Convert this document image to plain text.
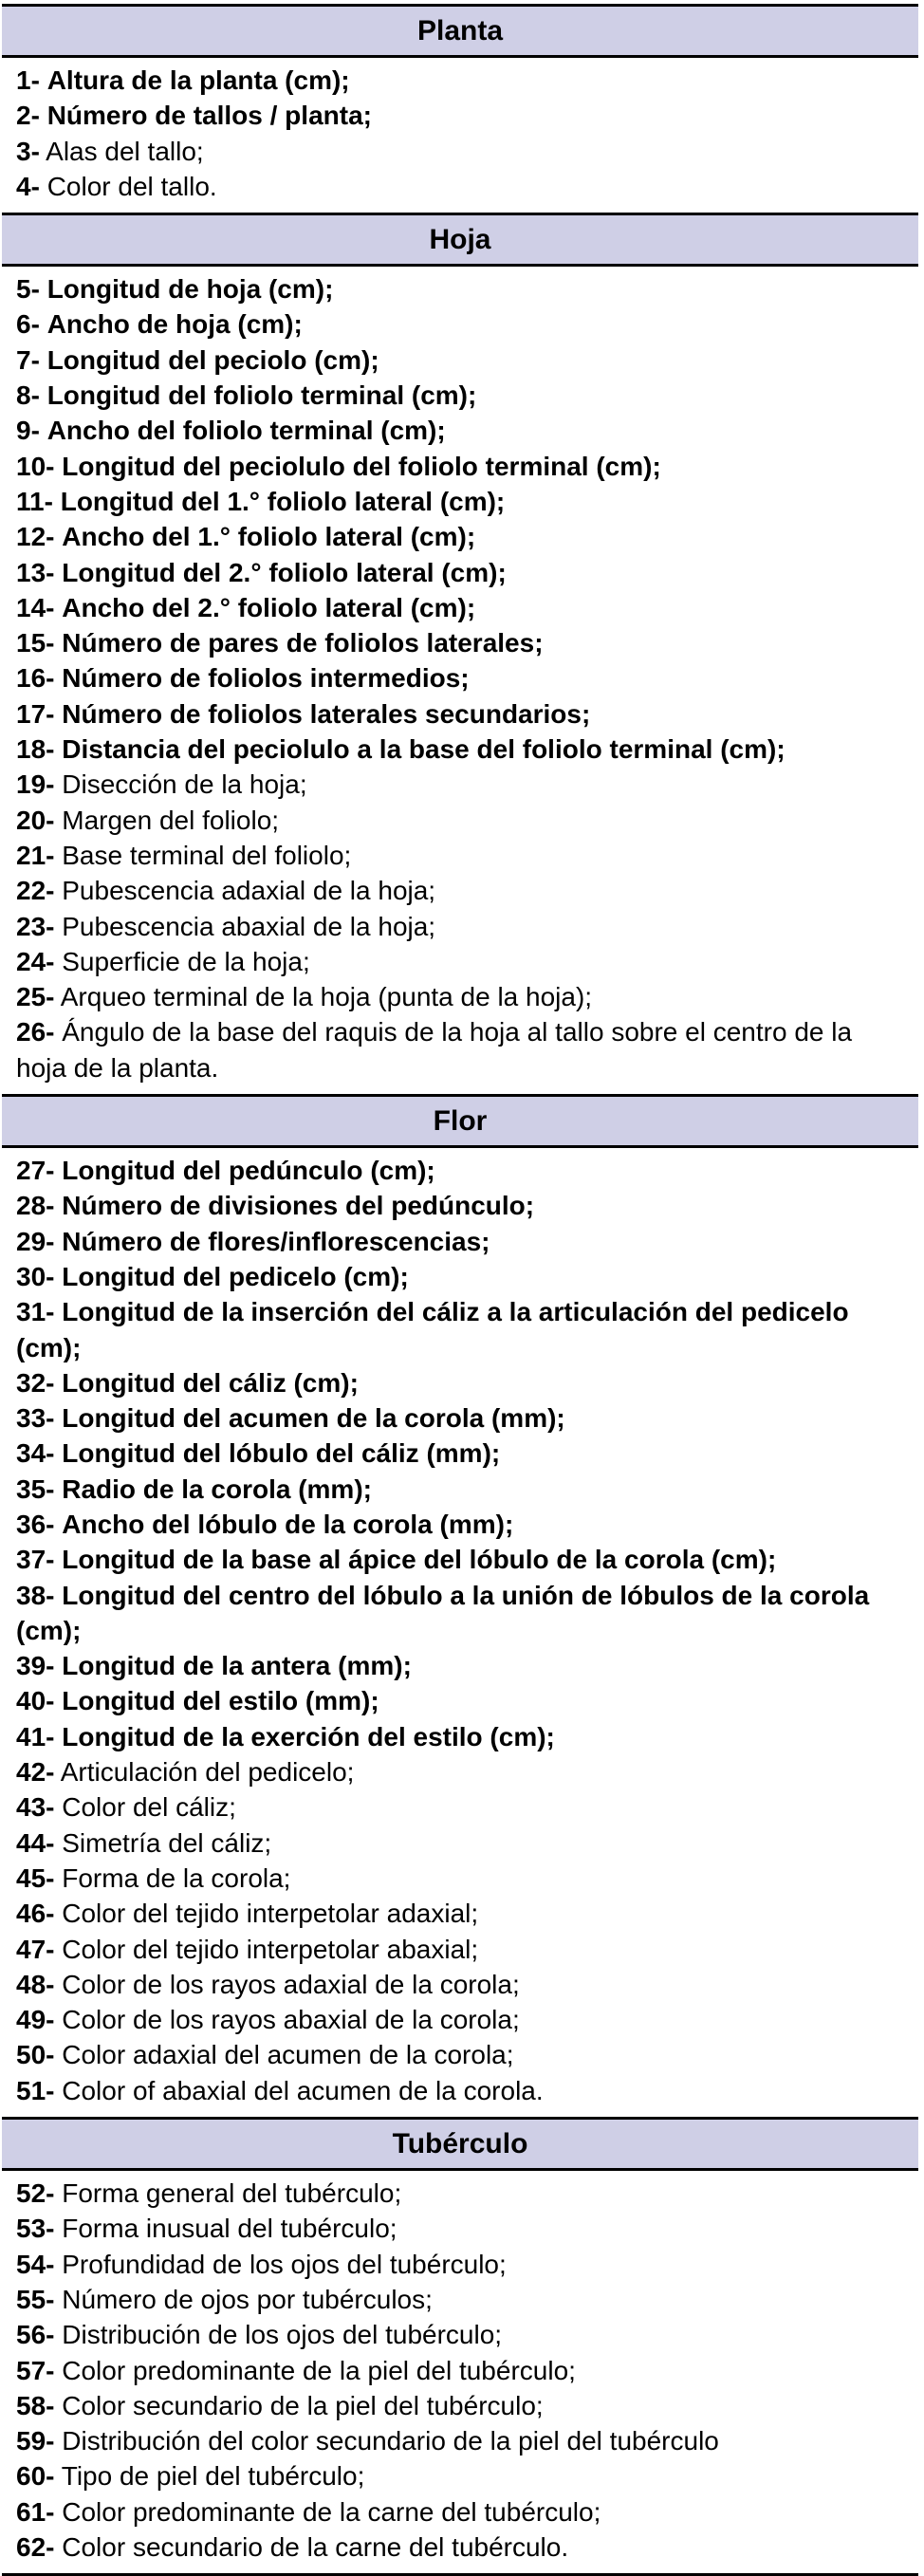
Planta
1- Altura de la planta (cm);
2- Número de tallos / planta;
3- Alas del tallo;
4- Color del tallo.
Hoja
5- Longitud de hoja (cm);
6- Ancho de hoja (cm);
7- Longitud del peciolo (cm);
8- Longitud del foliolo terminal (cm);
9- Ancho del foliolo terminal (cm);
10- Longitud del peciolulo del foliolo terminal (cm);
11- Longitud del 1.° foliolo lateral (cm);
12- Ancho del 1.° foliolo lateral (cm);
13- Longitud del 2.° foliolo lateral (cm);
14- Ancho del 2.° foliolo lateral (cm);
15- Número de pares de foliolos laterales;
16- Número de foliolos intermedios;
17- Número de foliolos laterales secundarios;
18- Distancia del peciolulo a la base del foliolo terminal (cm);
19- Disección de la hoja;
20- Margen del foliolo;
21- Base terminal del foliolo;
22- Pubescencia adaxial de la hoja;
23- Pubescencia abaxial de la hoja;
24- Superficie de la hoja;
25- Arqueo terminal de la hoja (punta de la hoja);
26- Ángulo de la base del raquis de la hoja al tallo sobre el centro de la hoja de la planta.
Flor
27- Longitud del pedúnculo (cm);
28- Número de divisiones del pedúnculo;
29- Número de flores/inflorescencias;
30- Longitud del pedicelo (cm);
31- Longitud de la inserción del cáliz a la articulación del pedicelo (cm);
32- Longitud del cáliz (cm);
33- Longitud del acumen de la corola (mm);
34- Longitud del lóbulo del cáliz (mm);
35- Radio de la corola (mm);
36- Ancho del lóbulo de la corola (mm);
37- Longitud de la base al ápice del lóbulo de la corola (cm);
38- Longitud del centro del lóbulo a la unión de lóbulos de la corola (cm);
39- Longitud de la antera (mm);
40- Longitud del estilo (mm);
41- Longitud de la exerción del estilo (cm);
42- Articulación del pedicelo;
43- Color del cáliz;
44- Simetría del cáliz;
45- Forma de la corola;
46- Color del tejido interpetolar adaxial;
47- Color del tejido interpetolar abaxial;
48- Color de los rayos adaxial de la corola;
49- Color de los rayos abaxial de la corola;
50- Color adaxial del acumen de la corola;
51- Color of abaxial del acumen de la corola.
Tubérculo
52- Forma general del tubérculo;
53- Forma inusual del tubérculo;
54- Profundidad de los ojos del tubérculo;
55- Número de ojos por tubérculos;
56- Distribución de los ojos del tubérculo;
57- Color predominante de la piel del tubérculo;
58- Color secundario de la piel del tubérculo;
59- Distribución del color secundario de la piel del tubérculo
60- Tipo de piel del tubérculo;
61- Color predominante de la carne del tubérculo;
62- Color secundario de la carne del tubérculo.
